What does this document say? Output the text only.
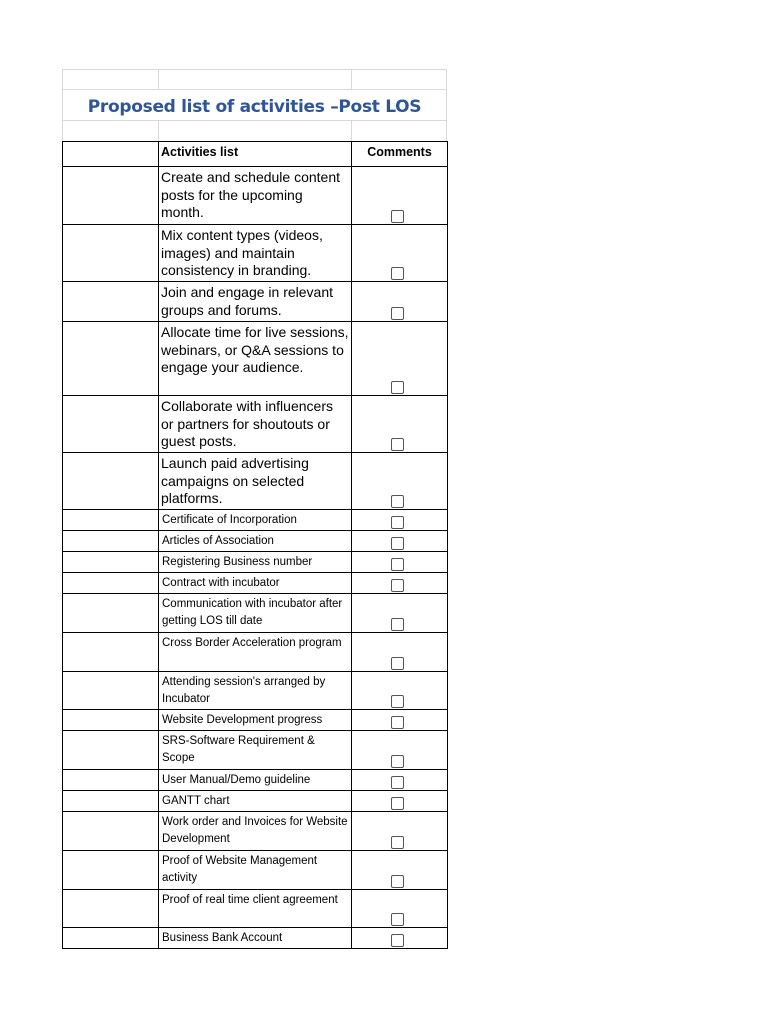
Proposed list of activities –Post LOS
	Activities list	Comments
	Create and schedule content posts for the upcoming month.	

	Mix content types (videos, images) and maintain consistency in branding.	

	Join and engage in relevant groups and forums.	

	Allocate time for live sessions, webinars, or Q&A sessions to engage your audience.	

	Collaborate with influencers or partners for shoutouts or guest posts.	

	Launch paid advertising campaigns on selected platforms.	

	Certificate of Incorporation	

	Articles of Association	

	Registering Business number	

	Contract with incubator	

	Communication with incubator after getting LOS till date	

	Cross Border Acceleration program	

	Attending session's arranged by Incubator	

	Website Development progress	

	SRS-Software Requirement & Scope	

	User Manual/Demo guideline	

	GANTT chart	

	Work order and Invoices for Website Development	

	Proof of Website Management activity	

	Proof of real time client agreement	

	Business Bank Account	
